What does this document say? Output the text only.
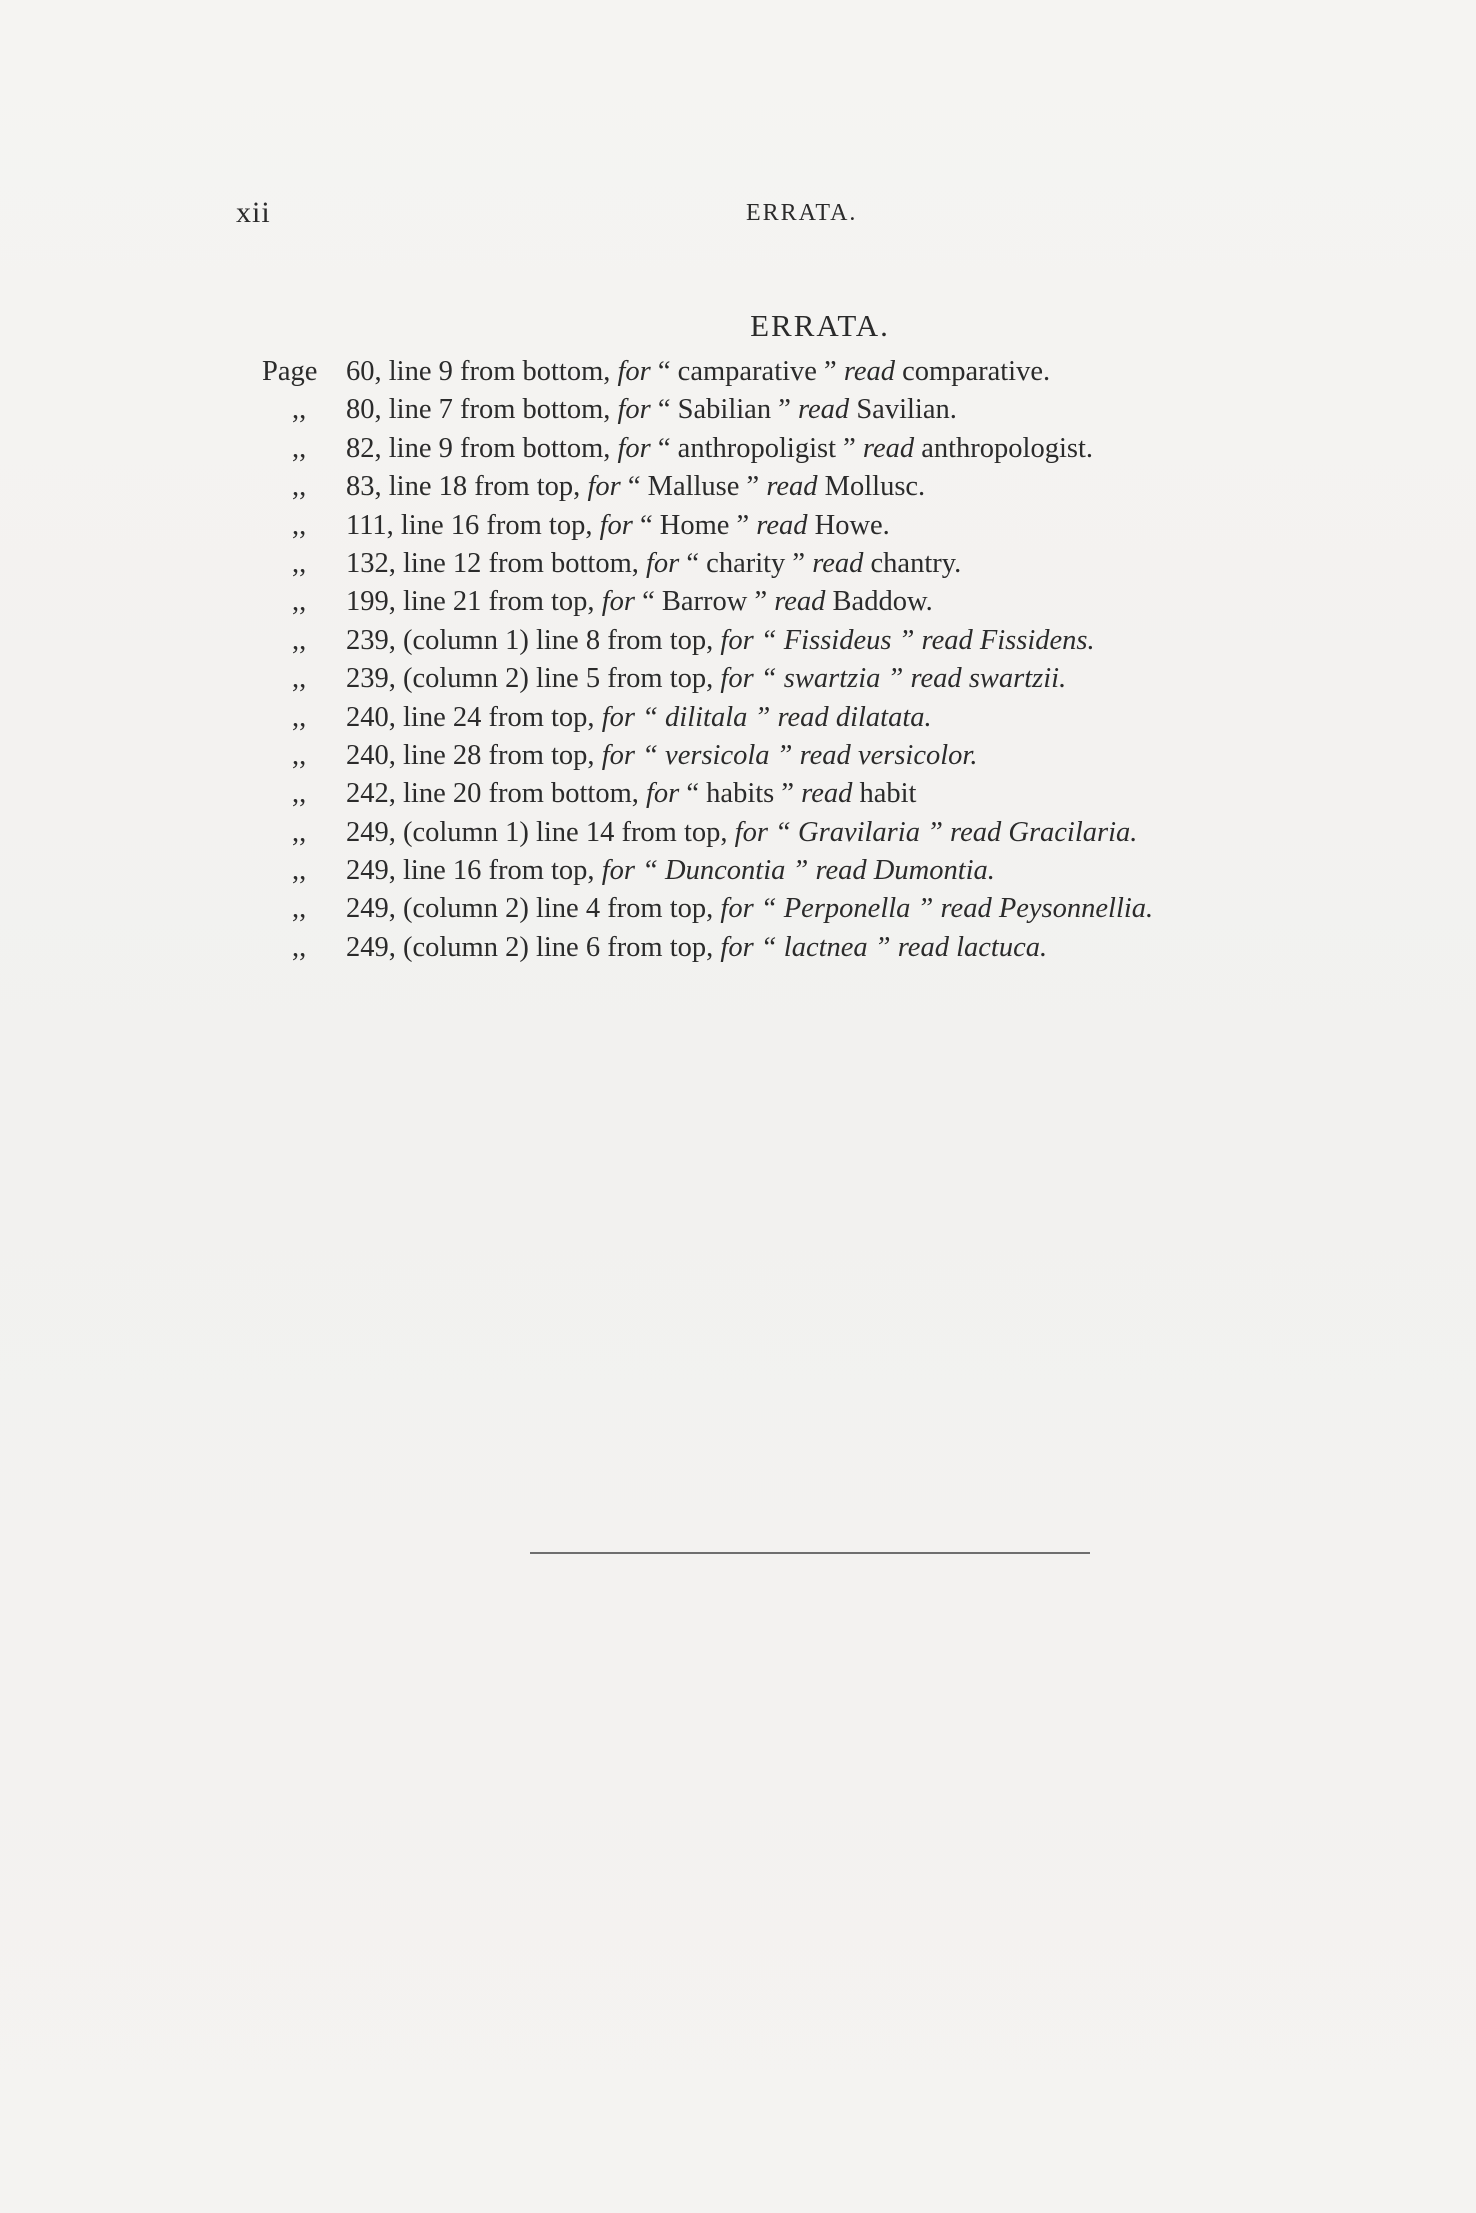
xii	ERRATA.
ERRATA.
Page	60, line 9 from bottom, for “ camparative ” read comparative.
,,	80, line 7 from bottom, for “ Sabilian ” read Savilian.
,,	82, line 9 from bottom, for “ anthropoligist ” read anthropologist.
,,	83, line 18 from top, for “ Malluse ” read Mollusc.
,,	111, line 16 from top, for “ Home ” read Howe.
,,	132, line 12 from bottom, for “ charity ” read chantry.
,,	199, line 21 from top, for “ Barrow ” read Baddow.
,,	239, (column 1) line 8 from top, for “ Fissideus ” read Fissidens.
,,	239, (column 2) line 5 from top, for “ swartzia ” read swartzii.
,,	240, line 24 from top, for “ dilitala ” read dilatata.
,,	240, line 28 from top, for “ versicola ” read versicolor.
,,	242, line 20 from bottom, for “ habits ” read habit
,,	249, (column 1) line 14 from top, for “ Gravilaria ” read Gracilaria.
,,	249, line 16 from top, for “ Duncontia ” read Dumontia.
,,	249, (column 2) line 4 from top, for “ Perponella ” read Peysonnellia.
,,	249, (column 2) line 6 from top, for “ lactnea ” read lactuca.
